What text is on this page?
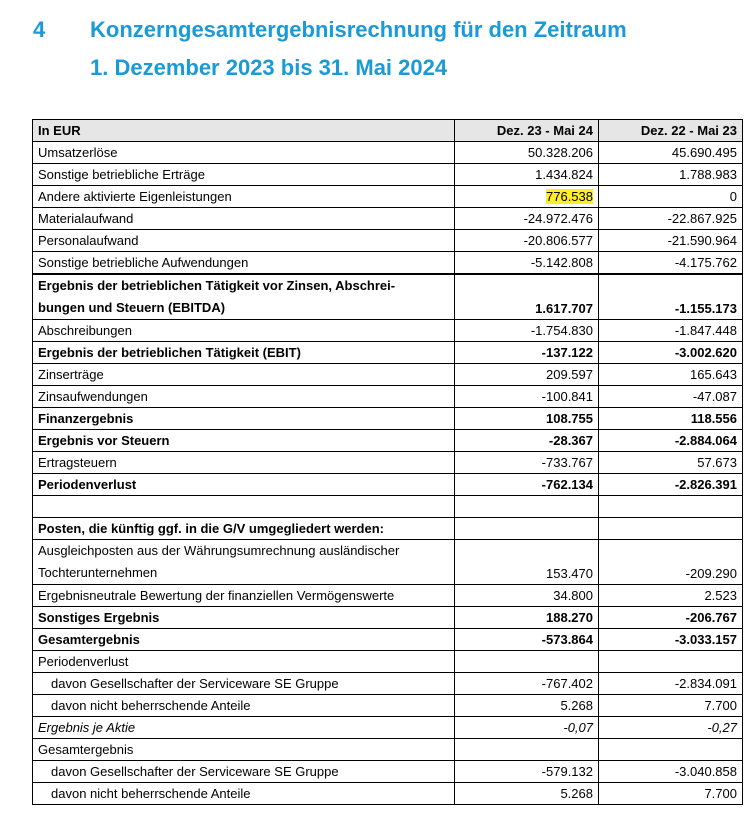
4 Konzerngesamtergebnisrechnung für den Zeitraum
1. Dezember 2023 bis 31. Mai 2024
In EUR	Dez. 23 - Mai 24	Dez. 22 - Mai 23
Umsatzerlöse	50.328.206	45.690.495
Sonstige betriebliche Erträge	1.434.824	1.788.983
Andere aktivierte Eigenleistungen	776.538	0
Materialaufwand	-24.972.476	-22.867.925
Personalaufwand	-20.806.577	-21.590.964
Sonstige betriebliche Aufwendungen	-5.142.808	-4.175.762
Ergebnis der betrieblichen Tätigkeit vor Zinsen, Abschrei-
bungen und Steuern (EBITDA)	1.617.707	-1.155.173
Abschreibungen	-1.754.830	-1.847.448
Ergebnis der betrieblichen Tätigkeit (EBIT)	-137.122	-3.002.620
Zinserträge	209.597	165.643
Zinsaufwendungen	-100.841	-47.087
Finanzergebnis	108.755	118.556
Ergebnis vor Steuern	-28.367	-2.884.064
Ertragsteuern	-733.767	57.673
Periodenverlust	-762.134	-2.826.391

Posten, die künftig ggf. in die G/V umgegliedert werden:		
Ausgleichposten aus der Währungsumrechnung ausländischer
Tochterunternehmen	153.470	-209.290
Ergebnisneutrale Bewertung der finanziellen Vermögenswerte	34.800	2.523
Sonstiges Ergebnis	188.270	-206.767
Gesamtergebnis	-573.864	-3.033.157
Periodenverlust		
davon Gesellschafter der Serviceware SE Gruppe	-767.402	-2.834.091
davon nicht beherrschende Anteile	5.268	7.700
Ergebnis je Aktie	-0,07	-0,27
Gesamtergebnis		
davon Gesellschafter der Serviceware SE Gruppe	-579.132	-3.040.858
davon nicht beherrschende Anteile	5.268	7.700
